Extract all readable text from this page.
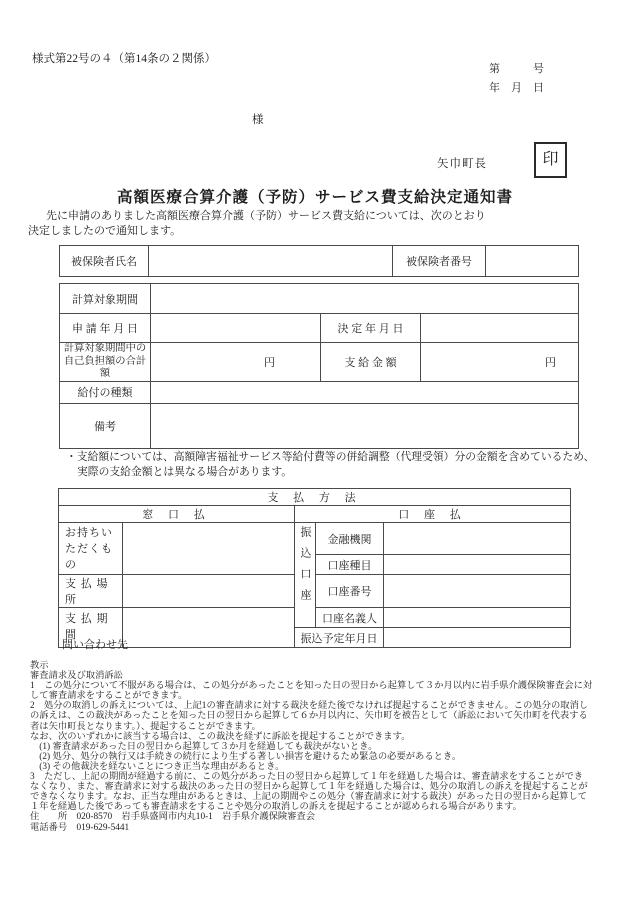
様式第22号の４（第14条の２関係）
第　　　号
年　月　日
様
矢巾町長	印
高額医療合算介護（予防）サービス費支給決定通知書
先に申請のありました高額医療合算介護（予防）サービス費支給については、次のとおり
決定しましたので通知します。
被保険者氏名		被保険者番号	
計算対象期間			
申 請 年 月 日		決 定 年 月 日	

計算対象期間中の
自己負担額の合計額	円	支 給 金 額	円
給付の種類			
備考			
・支給額については、高額障害福祉サービス等給付費等の併給調整（代理受領）分の金額を含めているため、
実際の支給金額とは異なる場合があります。
支 払 方 法				
窓 口 払		口 座 払		
お持ちいただくもの		振込口座	金融機関	
			口座種目	
支 払 場 所			口座番号	
支 払 期 間			口座名義人	
		振込予定年月日		
問い合わせ先
教示
審査請求及び取消訴訟
1　この処分について不服がある場合は、この処分があったことを知った日の翌日から起算して３か月以内に岩手県介護保険審査会に対
して審査請求をすることができます。
2　処分の取消しの訴えについては、上記1の審査請求に対する裁決を経た後でなければ提起することができません。この処分の取消し
の訴えは、この裁決があったことを知った日の翌日から起算して６か月以内に、矢巾町を被告として（訴訟において矢巾町を代表する
者は矢巾町長となります。）、提起することができます。
なお、次のいずれかに該当する場合は、この裁決を経ずに訴訟を提起することができます。
　(1) 審査請求があった日の翌日から起算して３か月を経過しても裁決がないとき。
　(2) 処分、処分の執行又は手続きの続行により生ずる著しい損害を避けるため緊急の必要があるとき。
　(3) その他裁決を経ないことにつき正当な理由があるとき。
3　ただし、上記の期間が経過する前に、この処分があった日の翌日から起算して１年を経過した場合は、審査請求をすることができ
なくなり、また、審査請求に対する裁決のあった日の翌日から起算して１年を経過した場合は、処分の取消しの訴えを提起することが
できなくなります。なお、正当な理由があるときは、上記の期間やこの処分（審査請求に対する裁決）があった日の翌日から起算して
１年を経過した後であっても審査請求をすることや処分の取消しの訴えを提起することが認められる場合があります。
住　　所　020-8570　岩手県盛岡市内丸10-1　岩手県介護保険審査会
電話番号　019-629-5441
